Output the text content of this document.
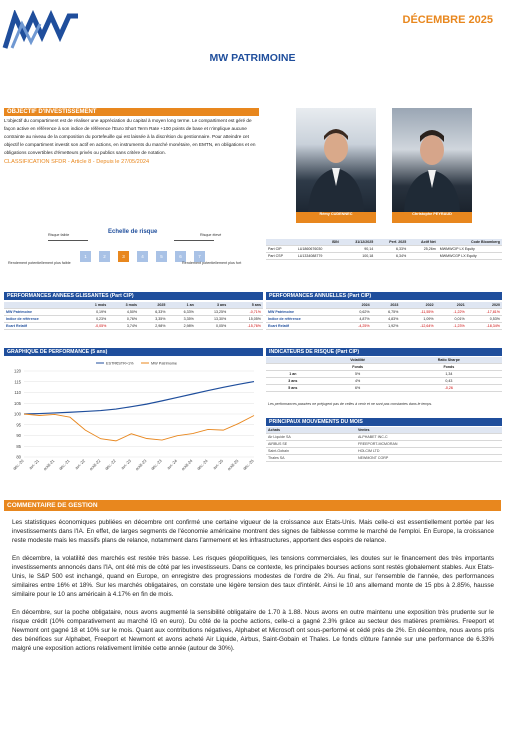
DÉCEMBRE 2025
MW PATRIMOINE
OBJECTIF D'INVESTISSEMENT
L'objectif du compartiment est de réaliser une appréciation du capital à moyen long terme. Le compartiment est géré de façon active en référence à son indice de référence l'Euro Short Term Rate +100 points de base et n'implique aucune contrainte au niveau de la composition du portefeuille qui est laissée à la discrétion du gestionnaire. Pour atteindre cet objectif le compartiment investit son actif en actions, en instruments du marché monétaire, en EMTN, en obligations et en obligations convertibles d'émetteurs privés ou publics sans critère de notation.
CLASSIFICATION SFDR - Article 8 - Depuis le 27/05/2024
Risque faible	Risque élevé
Echelle de risque
1	2	3	4	5	6	7
Rendement potentiellement plus faible	Rendement potentiellement plus fort
Rémy CUDENNEC	Christophe PEYRAUD
	ISIN	31/12/2025	Perf. 2025	Actif Net	Code Bloomberg
Part CIP	LU1860676030	90,14	6,33%	25,26m	MWMWCIP LX Equity
Part CSP	LU1334088779	100,18	6,34%		MWMWCGP LX Equity
PERFORMANCES ANNEES GLISSANTES (Part CIP)
	1 mois	3 mois	2025	1 an	3 ans	5 ans
MW Patrimoine	0,19%	4,50%	6,33%	6,33%	13,25%	-0,71%
Indice de référence	0,23%	0,76%	3,35%	3,35%	13,30%	15,05%
Ecart Relatif	-0,05%	3,74%	2,98%	2,98%	0,05%	-15,76%
PERFORMANCES ANNUELLES (Part CIP)
	2024	2023	2022	2021	2020
MW Patrimoine	0,62%	6,75%	-11,55%	-1,22%	-17,81%
Indice de référence	4,87%	4,83%	1,09%	0,01%	0,53%
Ecart Relatif	-4,25%	1,92%	-12,64%	-1,23%	-18,34%
GRAPHIQUE DE PERFORMANCE (5 ans)
120
115
110
105
100
95
90
85
80
déc.-20 avr.-21 août-21 déc.-21 avr.-22 août-22 déc.-22 avr.-23 août-23 déc.-23 avr.-24 août-24 déc.-24 avr.-25 août-25 déc.-25
ESTR€STR+1%	MW Patrimoine
INDICATEURS DE RISQUE (Part CIP)
	Volatilité	Ratio Sharpe
	Fonds	Fonds
1 an	5%	1,34
3 ans	4%	0,43
5 ans	6%	-0,26
Les performances passées ne préjugent pas de celles à venir et ne sont pas constantes dans le temps.
PRINCIPAUX MOUVEMENTS DU MOIS
Achats	Ventes
Air Liquide SA	ALPHABET INC-C
AIRBUS SE	FREEPORT-MCMORAN
Saint-Gobain	HOLCIM LTD
Thales SA	NEWMONT CORP
COMMENTAIRE DE GESTION

Les statistiques économiques publiées en décembre ont confirmé une certaine vigueur de la croissance aux Etats-Unis. Mais celle-ci est essentiellement portée par les investissements dans l'IA. En effet, de larges segments de l'économie américaine montrent des signes de faiblesse comme le marché de l'emploi. En Europe, la croissance reste modeste mais les massifs plans de relance, notamment dans l'armement et les infrastructures, apportent des espoirs de relance.

En décembre, la volatilité des marchés est restée très basse. Les risques géopolitiques, les tensions commerciales, les doutes sur le financement des très importants investissements annoncés dans l'IA, ont été mis de côté par les investisseurs. Dans ce contexte, les principales bourses actions sont restés globalement stables. Aux Etats-Unis, le S&P 500 est inchangé, quand en Europe, on enregistre des progressions modestes de l'ordre de 2%. Au final, sur l'ensemble de l'année, des performances similaires entre 16% et 18%. Sur les marchés obligataires, on constate une légère tension des taux d'intérêt. Ainsi le 10 ans allemand monte de 15 pbs à 2.85%, hausse similaire pour le 10 ans américain à 4.17% en fin de mois.

En décembre, sur la poche obligataire, nous avons augmenté la sensibilité obligataire de 1.70 à 1.88. Nous avons en outre maintenu une exposition très prudente sur le risque crédit (10% comparativement au marché IG en euro). Du côté de la poche actions, celle-ci a gagné 2.3% grâce au secteur des matières premières. Freeport et Newmont ont gagné 18 et 10% sur le mois. Quant aux contributions négatives, Alphabet et Microsoft ont sous-performé et cédé près de 2%. En décembre, nous avons pris des bénéfices sur Alphabet, Freeport et Newmont et avons acheté Air Liquide, Airbus, Saint-Gobain et Thales. Le fonds clôture l'année sur une performance de 6.33% malgré une exposition actions relativement limitée cette année (autour de 30%).
